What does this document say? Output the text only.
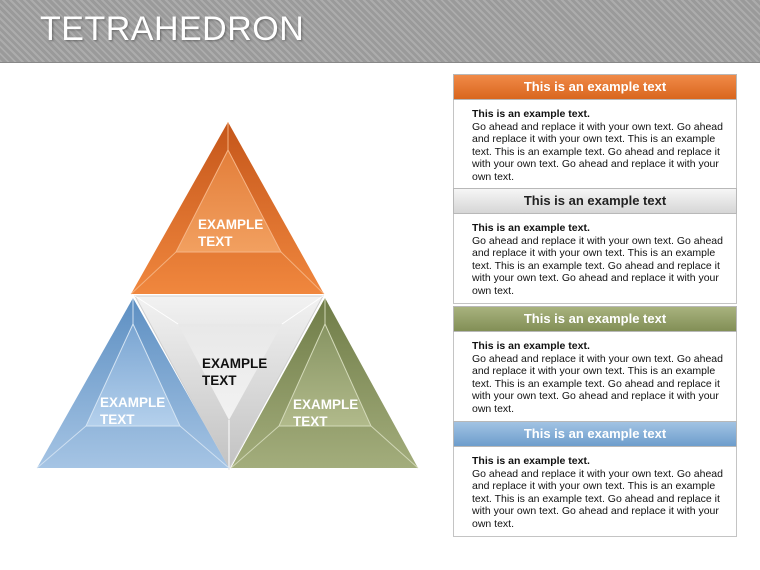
TETRAHEDRON
EXAMPLE
TEXT
EXAMPLE
TEXT
EXAMPLE
TEXT
EXAMPLE
TEXT
This is an example text
This is an example text.
Go ahead and replace it with your own text. Go ahead and replace it with your own text. This is an example text. This is an example text. Go ahead and replace it with your own text. Go ahead and replace it with your own text.
This is an example text
This is an example text.
Go ahead and replace it with your own text. Go ahead and replace it with your own text. This is an example text. This is an example text. Go ahead and replace it with your own text. Go ahead and replace it with your own text.
This is an example text
This is an example text.
Go ahead and replace it with your own text. Go ahead and replace it with your own text. This is an example text. This is an example text. Go ahead and replace it with your own text. Go ahead and replace it with your own text.
This is an example text
This is an example text.
Go ahead and replace it with your own text. Go ahead and replace it with your own text. This is an example text. This is an example text. Go ahead and replace it with your own text. Go ahead and replace it with your own text.
